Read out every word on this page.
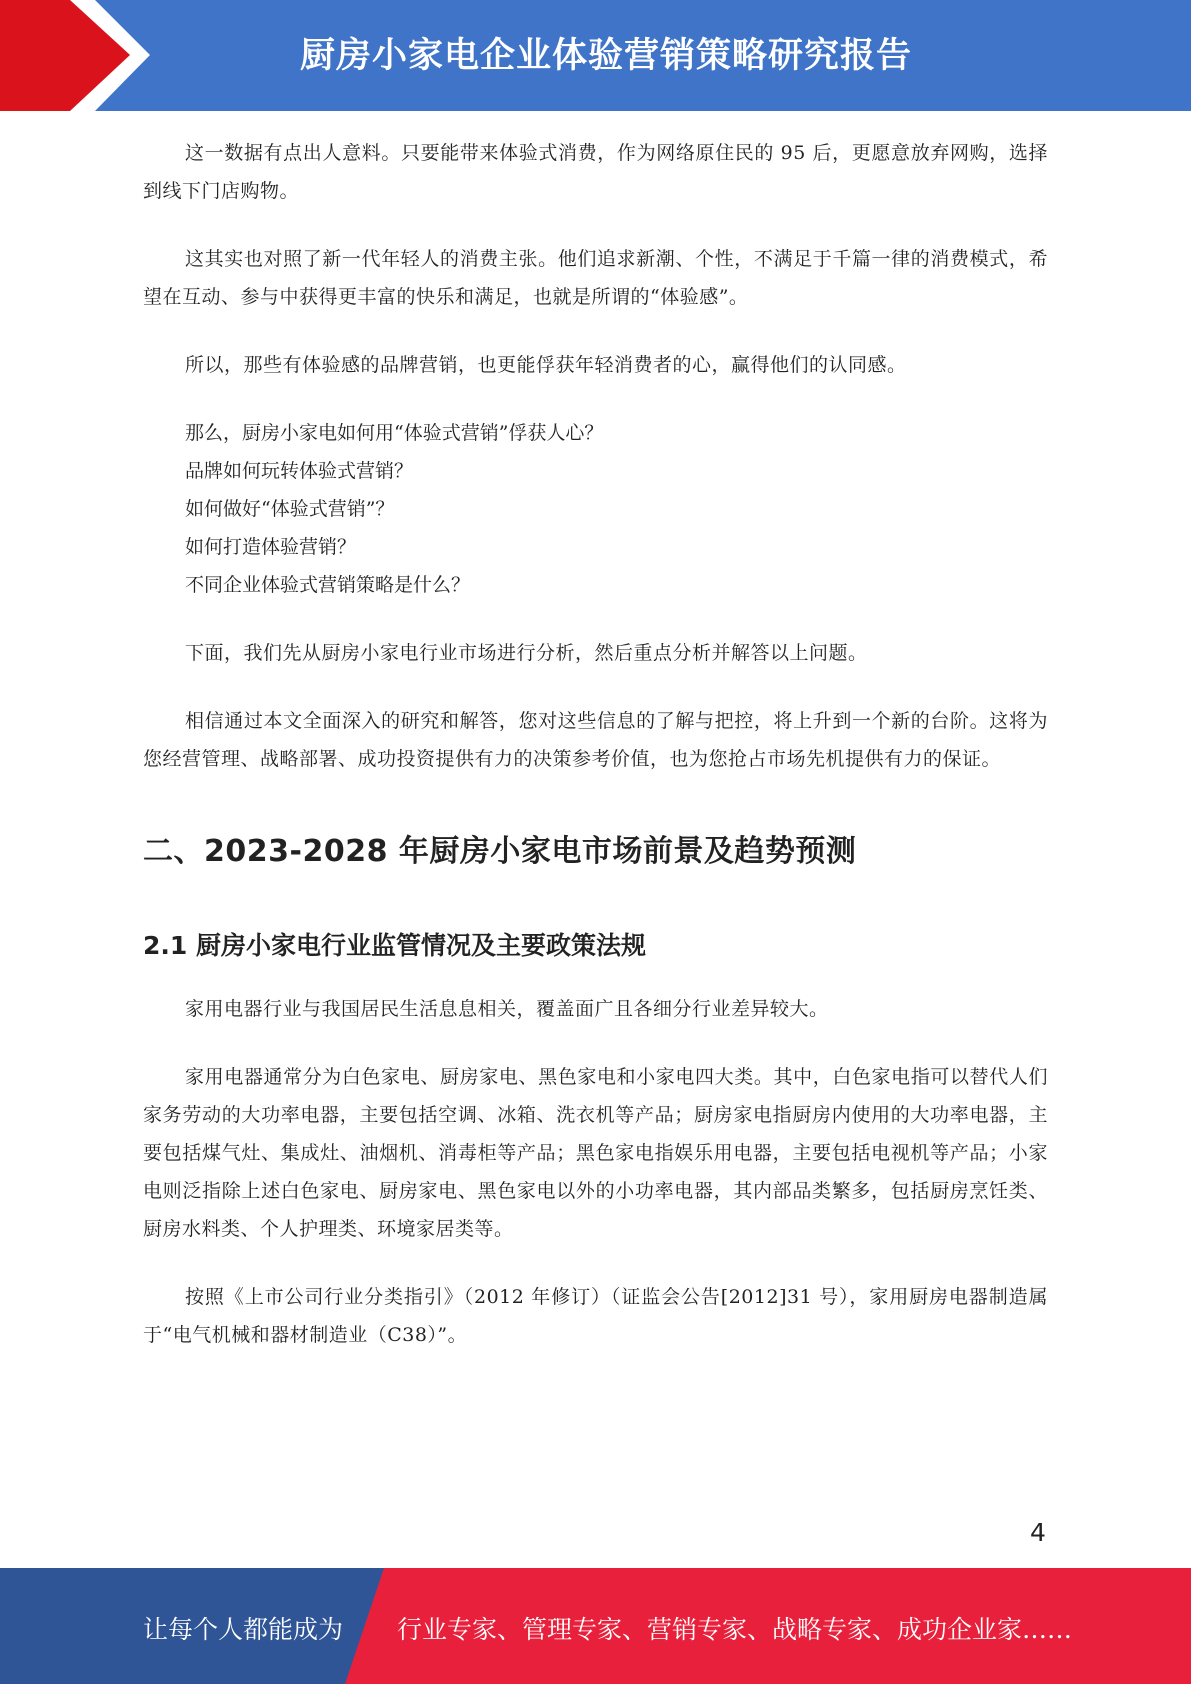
厨房小家电企业体验营销策略研究报告

这一数据有点出人意料。只要能带来体验式消费，作为网络原住民的 95 后，更愿意放弃网购，选择到线下门店购物。

这其实也对照了新一代年轻人的消费主张。他们追求新潮、个性，不满足于千篇一律的消费模式，希望在互动、参与中获得更丰富的快乐和满足，也就是所谓的“体验感”。

所以，那些有体验感的品牌营销，也更能俘获年轻消费者的心，赢得他们的认同感。

那么，厨房小家电如何用“体验式营销”俘获人心？
品牌如何玩转体验式营销？
如何做好“体验式营销”？
如何打造体验营销？
不同企业体验式营销策略是什么？

下面，我们先从厨房小家电行业市场进行分析，然后重点分析并解答以上问题。

相信通过本文全面深入的研究和解答，您对这些信息的了解与把控，将上升到一个新的台阶。这将为您经营管理、战略部署、成功投资提供有力的决策参考价值，也为您抢占市场先机提供有力的保证。

二、2023-2028 年厨房小家电市场前景及趋势预测
2.1 厨房小家电行业监管情况及主要政策法规

家用电器行业与我国居民生活息息相关，覆盖面广且各细分行业差异较大。

家用电器通常分为白色家电、厨房家电、黑色家电和小家电四大类。其中，白色家电指可以替代人们家务劳动的大功率电器，主要包括空调、冰箱、洗衣机等产品；厨房家电指厨房内使用的大功率电器，主要包括煤气灶、集成灶、油烟机、消毒柜等产品；黑色家电指娱乐用电器，主要包括电视机等产品；小家电则泛指除上述白色家电、厨房家电、黑色家电以外的小功率电器，其内部品类繁多，包括厨房烹饪类、厨房水料类、个人护理类、环境家居类等。

按照《上市公司行业分类指引》（2012 年修订）（证监会公告[2012]31 号），家用厨房电器制造属于“电气机械和器材制造业（C38）”。

4
让每个人都能成为 行业专家、管理专家、营销专家、战略专家、成功企业家……
